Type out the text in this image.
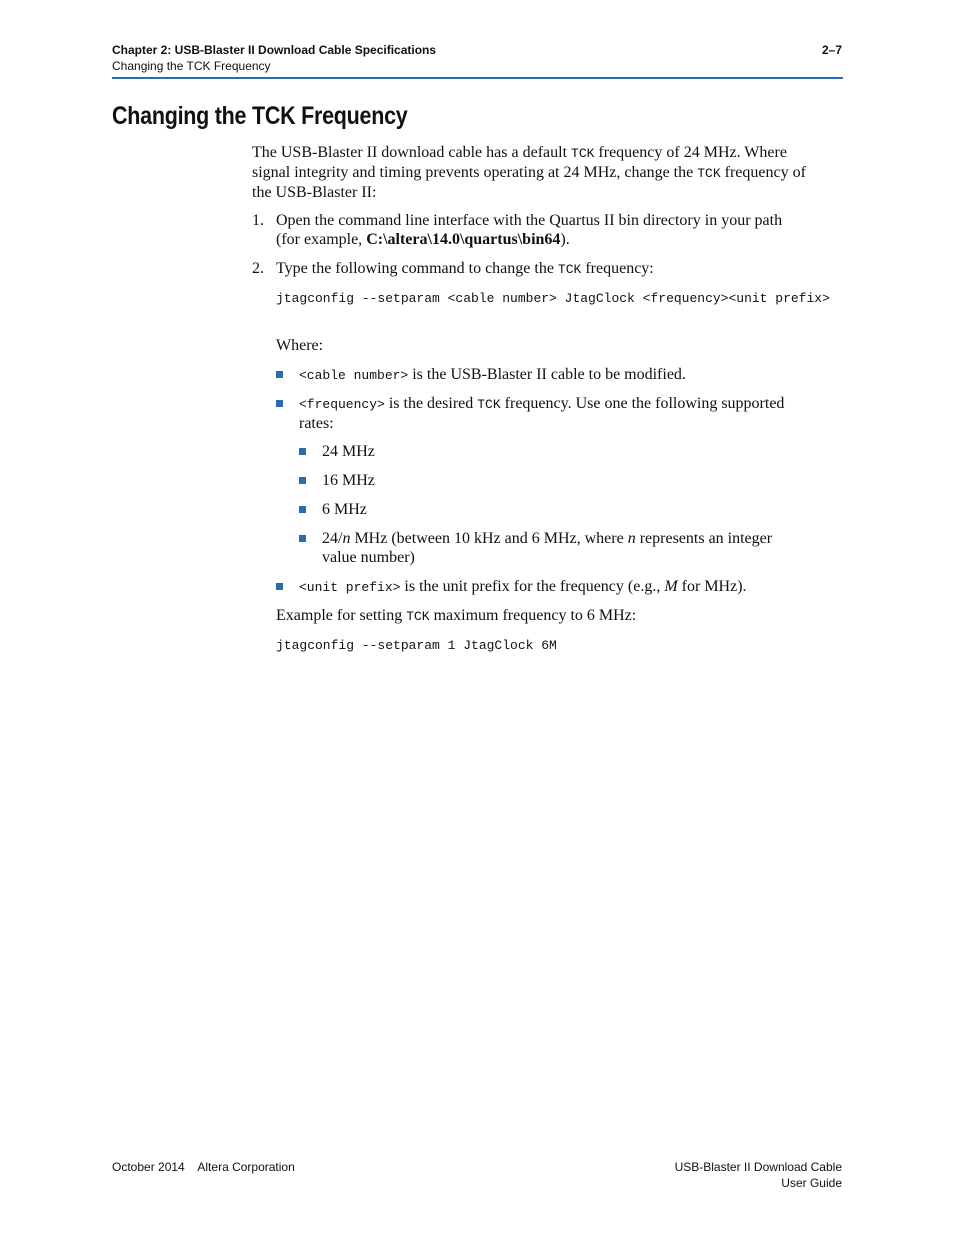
Chapter 2: USB-Blaster II Download Cable Specifications	2–7
Changing the TCK Frequency
Changing the TCK Frequency
The USB-Blaster II download cable has a default TCK frequency of 24 MHz. Where
signal integrity and timing prevents operating at 24 MHz, change the TCK frequency of
the USB-Blaster II:
1. Open the command line interface with the Quartus II bin directory in your path
(for example, C:\altera\14.0\quartus\bin64).
2. Type the following command to change the TCK frequency:
jtagconfig --setparam <cable number> JtagClock <frequency><unit prefix>
Where:
<cable number> is the USB-Blaster II cable to be modified.
<frequency> is the desired TCK frequency. Use one the following supported
rates:
24 MHz
16 MHz
6 MHz
24/n MHz (between 10 kHz and 6 MHz, where n represents an integer
value number)
<unit prefix> is the unit prefix for the frequency (e.g., M for MHz).
Example for setting TCK maximum frequency to 6 MHz:
jtagconfig --setparam 1 JtagClock 6M
October 2014    Altera Corporation	USB-Blaster II Download Cable
User Guide
